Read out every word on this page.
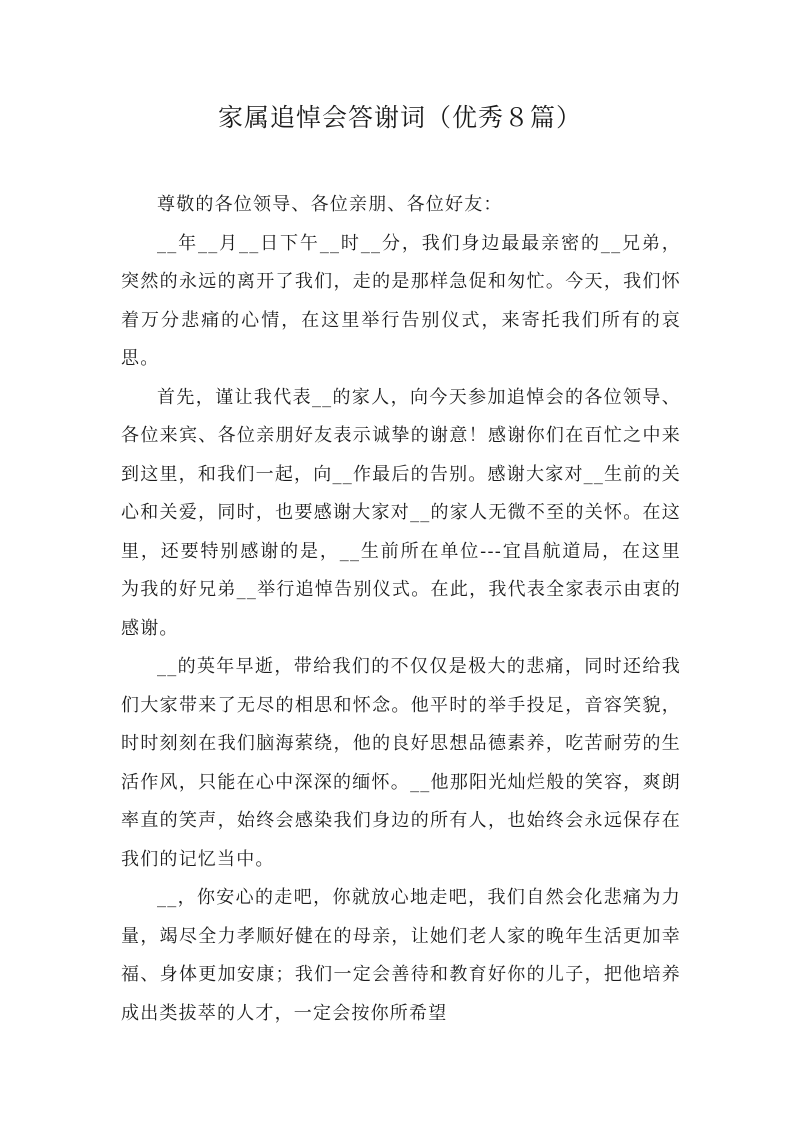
家属追悼会答谢词（优秀８篇）

尊敬的各位领导、各位亲朋、各位好友：

__年__月__日下午__时__分，我们身边最最亲密的__兄弟，突然的永远的离开了我们，走的是那样急促和匆忙。今天，我们怀着万分悲痛的心情，在这里举行告别仪式，来寄托我们所有的哀思。

首先，谨让我代表__的家人，向今天参加追悼会的各位领导、各位来宾、各位亲朋好友表示诚挚的谢意！感谢你们在百忙之中来到这里，和我们一起，向__作最后的告别。感谢大家对__生前的关心和关爱，同时，也要感谢大家对__的家人无微不至的关怀。在这里，还要特别感谢的是，__生前所在单位---宜昌航道局，在这里为我的好兄弟__举行追悼告别仪式。在此，我代表全家表示由衷的感谢。

__的英年早逝，带给我们的不仅仅是极大的悲痛，同时还给我们大家带来了无尽的相思和怀念。他平时的举手投足，音容笑貌，时时刻刻在我们脑海萦绕，他的良好思想品德素养，吃苦耐劳的生活作风，只能在心中深深的缅怀。__他那阳光灿烂般的笑容，爽朗率直的笑声，始终会感染我们身边的所有人，也始终会永远保存在我们的记忆当中。

__，你安心的走吧，你就放心地走吧，我们自然会化悲痛为力量，竭尽全力孝顺好健在的母亲，让她们老人家的晚年生活更加幸福、身体更加安康；我们一定会善待和教育好你的儿子，把他培养成出类拔萃的人才，一定会按你所希望
